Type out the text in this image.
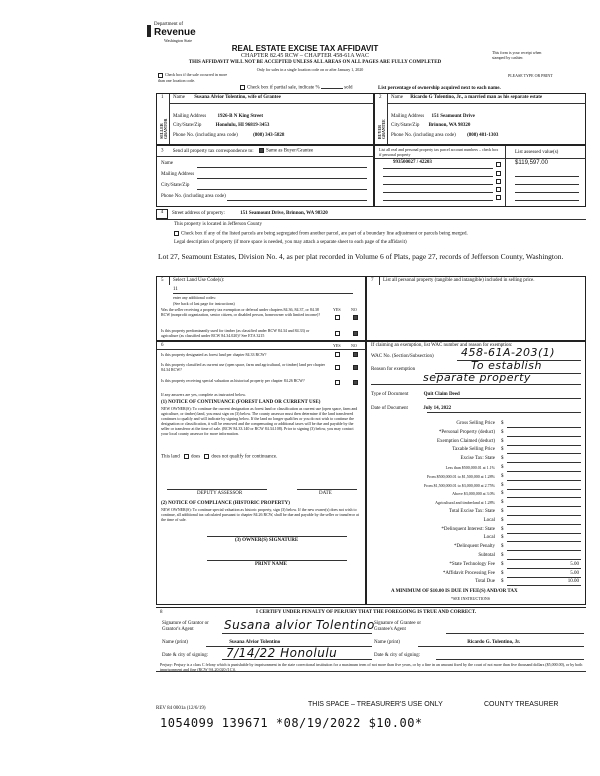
Department of
Revenue
Washington State
REAL ESTATE EXCISE TAX AFFIDAVIT
CHAPTER 82.45 RCW – CHAPTER 458-61A WAC
THIS AFFIDAVIT WILL NOT BE ACCEPTED UNLESS ALL AREAS ON ALL PAGES ARE FULLY COMPLETED
Only for sales in a single location code on or after January 1, 2020
This form is your receipt when
stamped by cashier.
PLEASE TYPE OR PRINT
Check box if the sale occurred in more than one location code.
Check box if partial sale, indicate %	sold	List percentage of ownership acquired next to each name.
1
SELLER GRANTOR
Name Susana Alvior Tolentino, wife of Grantee
Mailing Address 1926-B N King Street
City/State/Zip	Honolulu, HI 96819-3453
Phone No. (including area code)	(808) 343-5828
2
BUYER GRANTEE
Name Ricardo G Tolentino, Jr., a married man as his separate estate
Mailing Address 151 Seamount Drive
City/State/Zip Brinnon, WA 98320
Phone No. (including area code) (808) 481-1303
3 Send all property tax correspondence to: Same as Buyer/Grantee
Name
Mailing Address
City/State/Zip
Phone No. (including area code)
List all real and personal property tax parcel account numbers – check box if personal property	List assessed value(s)
993500027 / 42203	$119,597.00
4	Street address of property:	151 Seamount Drive, Brinnon, WA 98320
This property is located in Jefferson County
Check box if any of the listed parcels are being segregated from another parcel, are part of a boundary line adjustment or parcels being merged.
Legal description of property (if more space is needed, you may attach a separate sheet to each page of the affidavit)
Lot 27, Seamount Estates, Division No. 4, as per plat recorded in Volume 6 of Plats, page 27, records of Jefferson County, Washington.
5 Select Land Use Code(s):
11
enter any additional codes:
(See back of last page for instructions)
YES	NO
Was the seller receiving a property tax exemption or deferral under chapters 84.36, 84.37, or 84.38 RCW (nonprofit organization, senior citizen, or disabled person, homeowner with limited income)?
Is this property predominantly used for timber (as classified under RCW 84.34 and 84.33) or agriculture (as classified under RCW 84.34.020)? See ETA 3215
6	YES	NO
Is this property designated as forest land per chapter 84.33 RCW?
Is this property classified as current use (open space, farm and agricultural, or timber) land per chapter 84.34 RCW?
Is this property receiving special valuation as historical property per chapter 84.26 RCW?
If any answers are yes, complete as instructed below.
(1) NOTICE OF CONTINUANCE (FOREST LAND OR CURRENT USE)
NEW OWNER(S): To continue the current designation as forest land or classification as current use (open space, farm and agriculture, or timber) land, you must sign on (3) below. The county assessor must then determine if the land transferred continues to qualify and will indicate by signing below. If the land no longer qualifies or you do not wish to continue the designation or classification, it will be removed and the compensating or additional taxes will be due and payable by the seller or transferor at the time of sale. (RCW 84.33.140 or RCW 84.34.108). Prior to signing (3) below, you may contact your local county assessor for more information.
This land does does not qualify for continuance.
DEPUTY ASSESSOR	DATE
(2) NOTICE OF COMPLIANCE (HISTORIC PROPERTY)
NEW OWNER(S): To continue special valuation as historic property, sign (3) below. If the new owner(s) does not wish to continue, all additional tax calculated pursuant to chapter 84.26 RCW, shall be due and payable by the seller or transferor at the time of sale.
(3) OWNER(S) SIGNATURE
PRINT NAME
7 List all personal property (tangible and intangible) included in selling price.
If claiming an exemption, list WAC number and reason for exemption:
WAC No. (Section/Subsection) 458-61A-203(1)
Reason for exemption	To establish
separate property
Type of Document	Quit Claim Deed
Date of Document	July 14, 2022
Gross Selling Price $
*Personal Property (deduct) $
Exemption Claimed (deduct) $
Taxable Selling Price $
Excise Tax: State $
Less than $500,000.01 at 1.1% $
From $500,000.01 to $1,500,000 at 1.28% $
From $1,500,000.01 to $3,000,000 at 2.75% $
Above $3,000,000 at 3.0% $
Agricultural and timberland at 1.28% $
Total Excise Tax: State $
Local $
*Delinquent Interest: State $
Local $
*Delinquent Penalty $
Subtotal $
*State Technology Fee $	5.00
*Affidavit Processing Fee $	5.00
Total Due $	10.00
A MINIMUM OF $10.00 IS DUE IN FEE(S) AND/OR TAX
*SEE INSTRUCTIONS
8	I CERTIFY UNDER PENALTY OF PERJURY THAT THE FOREGOING IS TRUE AND CORRECT.
Signature of Grantor or Grantor's Agent	Susana alvior Tolentino Signature of Grantee or Grantee's Agent
Name (print)	Susana Alvior Tolentino	Name (print)	Ricardo G. Tolentino, Jr.
Date & city of signing: 7/14/22 Honolulu	Date & city of signing:
Perjury: Perjury is a class C felony which is punishable by imprisonment in the state correctional institution for a maximum term of not more than five years, or by a fine in an amount fixed by the court of not more than five thousand dollars ($5,000.00), or by both imprisonment and fine (RCW 9A.20.020 (1C)).
REV 84 0001a (12/6/19)
THIS SPACE – TREASURER'S USE ONLY	COUNTY TREASURER
1054099 139671 *08/19/2022 $10.00*
